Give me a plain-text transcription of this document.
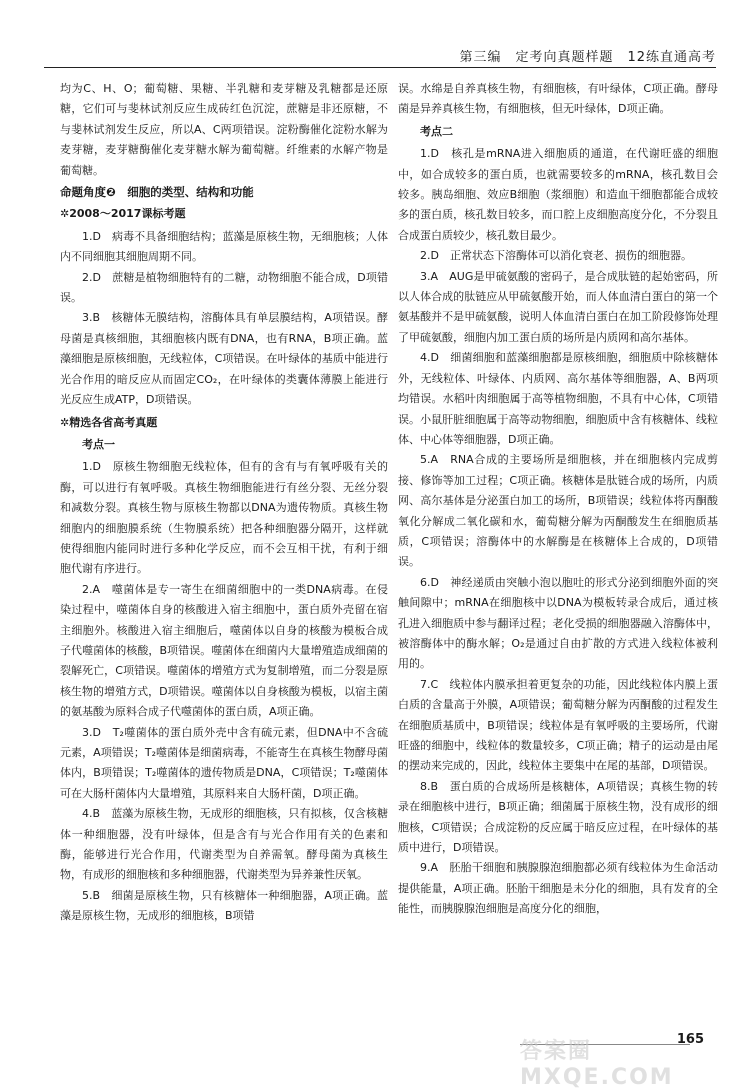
第三编　定考向真题样题　12练直通高考

均为C、H、O；葡萄糖、果糖、半乳糖和麦芽糖及乳糖都是还原糖，它们可与斐林试剂反应生成砖红色沉淀，蔗糖是非还原糖，不与斐林试剂发生反应，所以A、C两项错误。淀粉酶催化淀粉水解为麦芽糖，麦芽糖酶催化麦芽糖水解为葡萄糖。纤维素的水解产物是葡萄糖。

命题角度❷　细胞的类型、结构和功能
✲2008～2017课标考题

1.D　病毒不具备细胞结构；蓝藻是原核生物，无细胞核；人体内不同细胞其细胞周期不同。

2.D　蔗糖是植物细胞特有的二糖，动物细胞不能合成，D项错误。

3.B　核糖体无膜结构，溶酶体具有单层膜结构，A项错误。酵母菌是真核细胞，其细胞核内既有DNA，也有RNA，B项正确。蓝藻细胞是原核细胞，无线粒体，C项错误。在叶绿体的基质中能进行光合作用的暗反应从而固定CO₂，在叶绿体的类囊体薄膜上能进行光反应生成ATP，D项错误。

✲精选各省高考真题
考点一

1.D　原核生物细胞无线粒体，但有的含有与有氧呼吸有关的酶，可以进行有氧呼吸。真核生物细胞能进行有丝分裂、无丝分裂和减数分裂。真核生物与原核生物都以DNA为遗传物质。真核生物细胞内的细胞膜系统（生物膜系统）把各种细胞器分隔开，这样就使得细胞内能同时进行多种化学反应，而不会互相干扰，有利于细胞代谢有序进行。

2.A　噬菌体是专一寄生在细菌细胞中的一类DNA病毒。在侵染过程中，噬菌体自身的核酸进入宿主细胞中，蛋白质外壳留在宿主细胞外。核酸进入宿主细胞后，噬菌体以自身的核酸为模板合成子代噬菌体的核酸，B项错误。噬菌体在细菌内大量增殖造成细菌的裂解死亡，C项错误。噬菌体的增殖方式为复制增殖，而二分裂是原核生物的增殖方式，D项错误。噬菌体以自身核酸为模板，以宿主菌的氨基酸为原料合成子代噬菌体的蛋白质，A项正确。

3.D　T₂噬菌体的蛋白质外壳中含有硫元素，但DNA中不含硫元素，A项错误；T₂噬菌体是细菌病毒，不能寄生在真核生物酵母菌体内，B项错误；T₂噬菌体的遗传物质是DNA，C项错误；T₂噬菌体可在大肠杆菌体内大量增殖，其原料来自大肠杆菌，D项正确。

4.B　蓝藻为原核生物，无成形的细胞核，只有拟核，仅含核糖体一种细胞器，没有叶绿体，但是含有与光合作用有关的色素和酶，能够进行光合作用，代谢类型为自养需氧。酵母菌为真核生物，有成形的细胞核和多种细胞器，代谢类型为异养兼性厌氧。

5.B　细菌是原核生物，只有核糖体一种细胞器，A项正确。蓝藻是原核生物，无成形的细胞核，B项错

误。水绵是自养真核生物，有细胞核，有叶绿体，C项正确。酵母菌是异养真核生物，有细胞核，但无叶绿体，D项正确。

考点二

1.D　核孔是mRNA进入细胞质的通道，在代谢旺盛的细胞中，如合成较多的蛋白质，也就需要较多的mRNA，核孔数目会较多。胰岛细胞、效应B细胞（浆细胞）和造血干细胞都能合成较多的蛋白质，核孔数目较多，而口腔上皮细胞高度分化，不分裂且合成蛋白质较少，核孔数目最少。

2.D　正常状态下溶酶体可以消化衰老、损伤的细胞器。

3.A　AUG是甲硫氨酸的密码子，是合成肽链的起始密码，所以人体合成的肽链应从甲硫氨酸开始，而人体血清白蛋白的第一个氨基酸并不是甲硫氨酸，说明人体血清白蛋白在加工阶段修饰处理了甲硫氨酸，细胞内加工蛋白质的场所是内质网和高尔基体。

4.D　细菌细胞和蓝藻细胞都是原核细胞，细胞质中除核糖体外，无线粒体、叶绿体、内质网、高尔基体等细胞器，A、B两项均错误。水稻叶肉细胞属于高等植物细胞，不具有中心体，C项错误。小鼠肝脏细胞属于高等动物细胞，细胞质中含有核糖体、线粒体、中心体等细胞器，D项正确。

5.A　RNA合成的主要场所是细胞核，并在细胞核内完成剪接、修饰等加工过程；C项正确。核糖体是肽链合成的场所，内质网、高尔基体是分泌蛋白加工的场所，B项错误；线粒体将丙酮酸氧化分解成二氧化碳和水，葡萄糖分解为丙酮酸发生在细胞质基质，C项错误；溶酶体中的水解酶是在核糖体上合成的，D项错误。

6.D　神经递质由突触小泡以胞吐的形式分泌到细胞外面的突触间隙中；mRNA在细胞核中以DNA为模板转录合成后，通过核孔进入细胞质中参与翻译过程；老化受损的细胞器融入溶酶体中，被溶酶体中的酶水解；O₂是通过自由扩散的方式进入线粒体被利用的。

7.C　线粒体内膜承担着更复杂的功能，因此线粒体内膜上蛋白质的含量高于外膜，A项错误；葡萄糖分解为丙酮酸的过程发生在细胞质基质中，B项错误；线粒体是有氧呼吸的主要场所，代谢旺盛的细胞中，线粒体的数量较多，C项正确；精子的运动是由尾的摆动来完成的，因此，线粒体主要集中在尾的基部，D项错误。

8.B　蛋白质的合成场所是核糖体，A项错误；真核生物的转录在细胞核中进行，B项正确；细菌属于原核生物，没有成形的细胞核，C项错误；合成淀粉的反应属于暗反应过程，在叶绿体的基质中进行，D项错误。

9.A　胚胎干细胞和胰腺腺泡细胞都必须有线粒体为生命活动提供能量，A项正确。胚胎干细胞是未分化的细胞，具有发育的全能性，而胰腺腺泡细胞是高度分化的细胞，

答案圈 MXQE.COM
165
